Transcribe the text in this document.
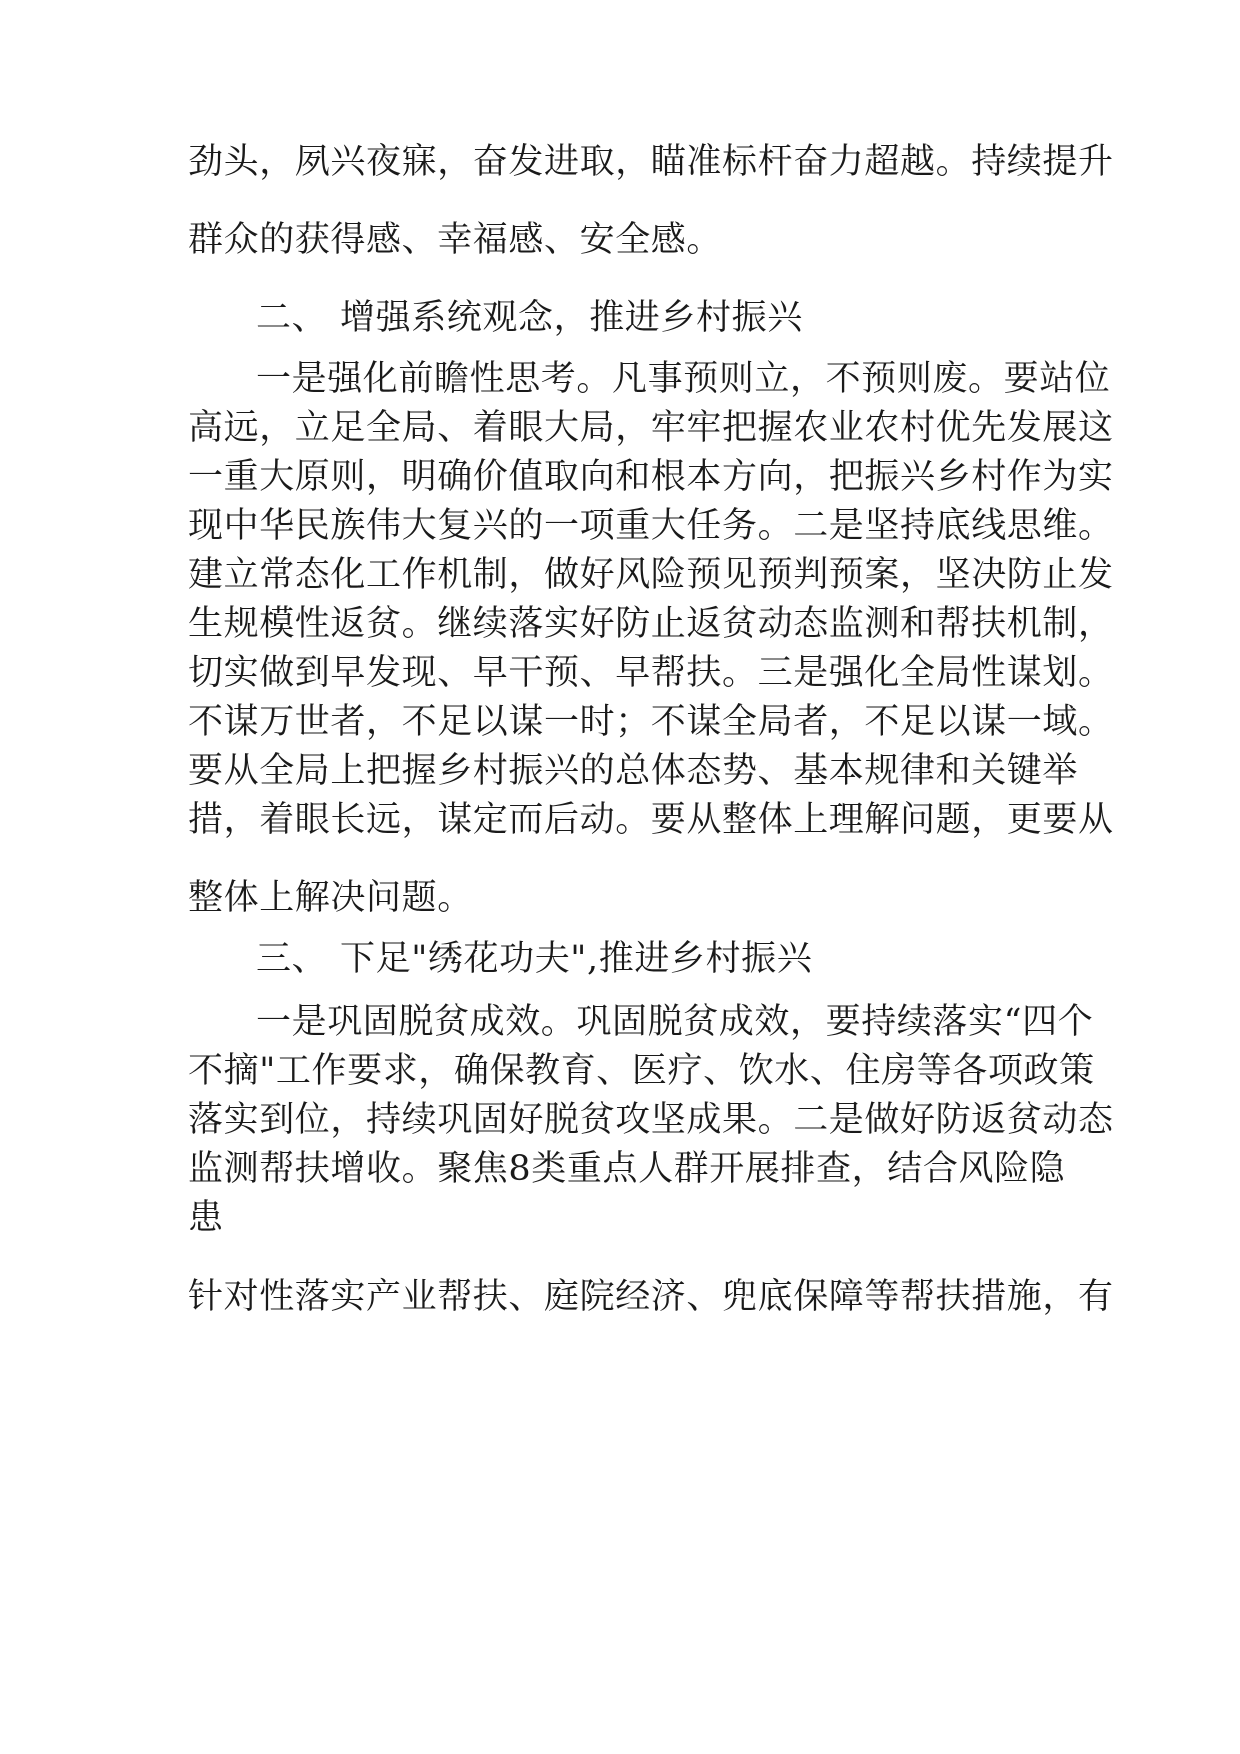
劲头，夙兴夜寐，奋发进取，瞄准标杆奋力超越。持续提升
群众的获得感、幸福感、安全感。
二、 增强系统观念，推进乡村振兴
一是强化前瞻性思考。凡事预则立，不预则废。要站位
高远，立足全局、着眼大局，牢牢把握农业农村优先发展这
一重大原则，明确价值取向和根本方向，把振兴乡村作为实
现中华民族伟大复兴的一项重大任务。二是坚持底线思维。
建立常态化工作机制，做好风险预见预判预案，坚决防止发
生规模性返贫。继续落实好防止返贫动态监测和帮扶机制，
切实做到早发现、早干预、早帮扶。三是强化全局性谋划。
不谋万世者，不足以谋一时；不谋全局者，不足以谋一域。
要从全局上把握乡村振兴的总体态势、基本规律和关键举
措，着眼长远，谋定而后动。要从整体上理解问题，更要从
整体上解决问题。
三、 下足"绣花功夫",推进乡村振兴
一是巩固脱贫成效。巩固脱贫成效，要持续落实“四个
不摘"工作要求，确保教育、医疗、饮水、住房等各项政策
落实到位，持续巩固好脱贫攻坚成果。二是做好防返贫动态
监测帮扶增收。聚焦8类重点人群开展排查，结合风险隐
患
针对性落实产业帮扶、庭院经济、兜底保障等帮扶措施，有
